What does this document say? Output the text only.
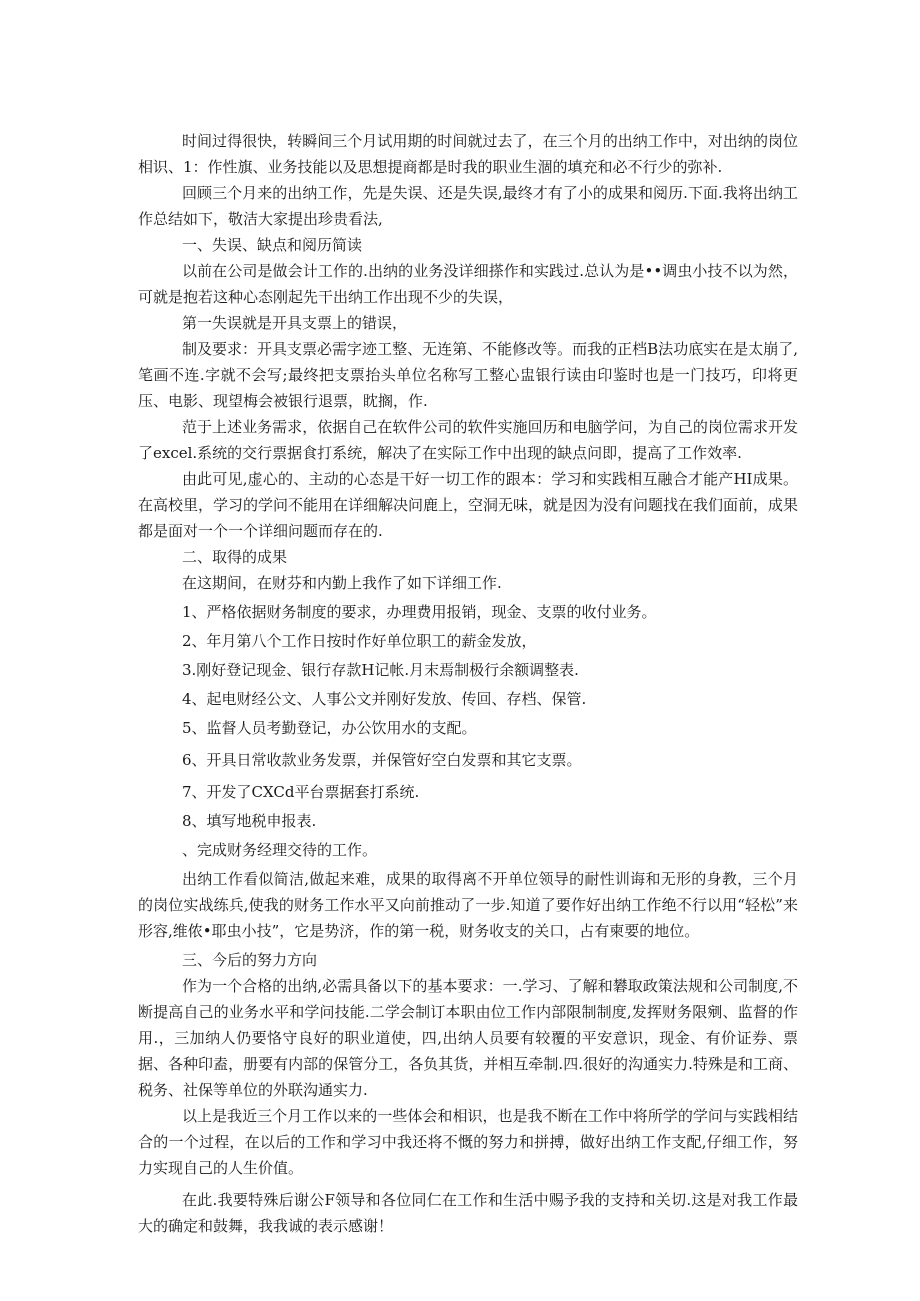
时间过得很快，转瞬间三个月试用期的时间就过去了，在三个月的出纳工作中，对出纳的岗位相识、1：作性旗、业务技能以及思想提商都是时我的职业生涸的填充和必不行少的弥补.

回顾三个月来的出纳工作，先是失误、还是失误,最终才有了小的成果和阅历.下面.我将出纳工作总结如下，敬洁大家提出珍贵看法,

一、失误、缺点和阅历简读

以前在公司是做会计工作的.出纳的业务没详细搽作和实践过.总认为是••调虫小技不以为然，可就是抱若这种心态刚起先干出纳工作出现不少的失误，

第一失误就是开具支票上的错误，

制及要求：开具支票必需字迹工整、无连第、不能修改等。而我的正档B法功底实在是太崩了,笔画不连.字就不会写;最终把支票抬头单位名称写工整心盅银行读由印鉴时也是一门技巧，印将更压、电影、现望梅会被银行退票，眈搁，作.

范于上述业务需求，依据自己在软件公司的软件实施回历和电脑学问，为自己的岗位需求开发了excel.系统的交行票据食打系统，解决了在实际工作中出现的缺点问即，提高了工作效率.

由此可见,虚心的、主动的心态是干好一切工作的跟本：学习和实践相互融合才能产HI成果。在高校里，学习的学问不能用在详细解决问鹿上，空洞无味，就是因为没有问题找在我们面前，成果都是面对一个一个详细问题而存在的.

二、取得的成果

在这期间，在财芬和内勤上我作了如下详细工作.

1、严格依据财务制度的要求，办理费用报销，现金、支票的收付业务。

2、年月第八个工作日按时作好单位职工的薪金发放，

3.刚好登记现金、银行存款H记帐.月末焉制极行余额调整表.

4、起电财经公文、人事公文并刚好发放、传回、存档、保管.

5、监督人员考勤登记，办公饮用水的支配。

6、开具日常收款业务发票，并保管好空白发票和其它支票。

7、开发了CXCd平台票据套打系统.

8、填写地税申报表.

、完成财务经理交待的工作。

出纳工作看似简洁,做起来难，成果的取得离不开单位领导的耐性训诲和无形的身教，三个月的岗位实战练兵,使我的财务工作水平又向前推动了一步.知道了要作好出纳工作绝不行以用“轻松”来形容,维侬•耶虫小技”，它是势济，作的第一税，财务收支的关口，占有柬要的地位。

三、今后的努力方向

作为一个合格的出纳,必需具备以下的基本要求：一.学习、了解和礬取政策法规和公司制度,不断提高自己的业务水平和学问技能.二学会制订本职由位工作内部限制制度,发挥财务限剜、监督的作用.，三加纳人仍要恪守良好的职业道使，四,出纳人员要有较覆的平安意识，现金、有价证券、票据、各种印盍，册要有内部的保管分工，各负其货，并相互牵制.四.很好的沟通实力.特殊是和工商、税务、社保等单位的外联沟通实力.

以上是我近三个月工作以来的一些体会和相识，也是我不断在工作中将所学的学问与实践相结合的一个过程，在以后的工作和学习中我还将不慨的努力和拼搏，做好出纳工作支配,仔细工作，努力实现自己的人生价值。

在此.我要特殊后谢公F领导和各位同仁在工作和生活中赐予我的支持和关切.这是对我工作最大的确定和鼓舞，我我诚的表示感谢！
